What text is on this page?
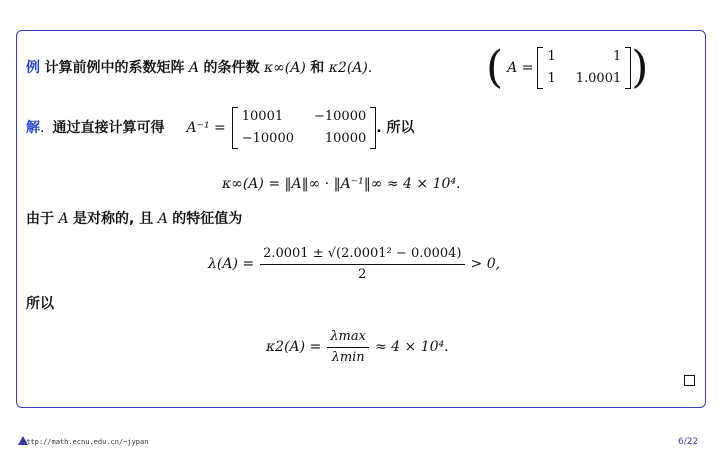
例 计算前例中的系数矩阵 A 的条件数 κ∞(A) 和 κ2(A).	( A =
1	1
1 1.0001 )
解 . 通过直接计算可得 A⁻¹ =
10001	−10000
−10000	10000
. 所以
κ∞(A) = ‖A‖∞ · ‖A⁻¹‖∞ ≈ 4 × 10⁴.
由于 A 是对称的, 且 A 的特征值为
$\lambda(A) = \frac{\text{2.0001 ± √(2.0001² − 0.0004)}}{2} > 0$,
所以
$\kappa 2(A) = \frac{\lambda\max}{\lambda\min} \approx 4 \times 10^4$.
http://math.ecnu.edu.cn/~jypan	6/22
